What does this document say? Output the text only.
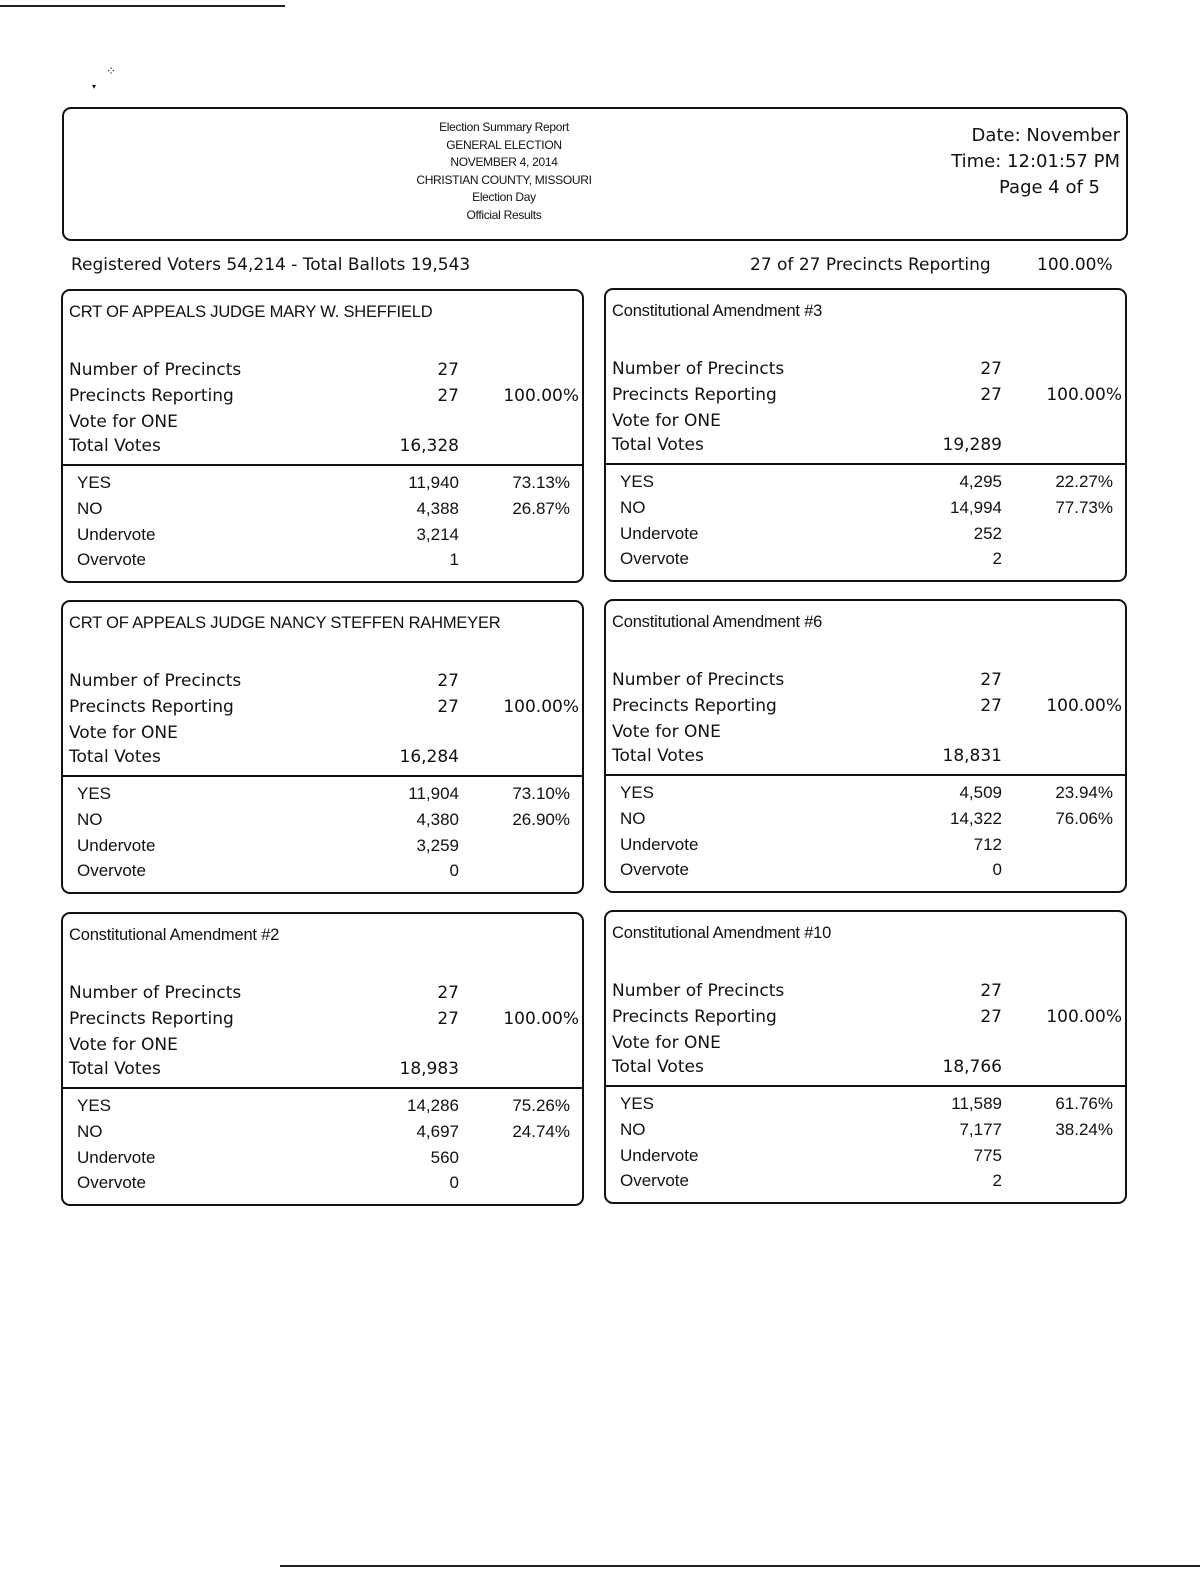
⁘
▾
Election Summary Report
GENERAL ELECTION
NOVEMBER 4, 2014
CHRISTIAN COUNTY, MISSOURI
Election Day
Official Results
Date: November
Time: 12:01:57 PM
Page 4 of 5
Registered Voters 54,214 - Total Ballots 19,543	27 of 27 Precincts Reporting	100.00%
CRT OF APPEALS JUDGE MARY W. SHEFFIELD
Number of Precincts	27
Precincts Reporting	27	100.00%
Vote for ONE
Total Votes	16,328
YES	11,940	73.13%
NO	4,388	26.87%
Undervote	3,214
Overvote	1
Constitutional Amendment #3
Number of Precincts	27
Precincts Reporting	27	100.00%
Vote for ONE
Total Votes	19,289
YES	4,295	22.27%
NO	14,994	77.73%
Undervote	252
Overvote	2
CRT OF APPEALS JUDGE NANCY STEFFEN RAHMEYER
Number of Precincts	27
Precincts Reporting	27	100.00%
Vote for ONE
Total Votes	16,284
YES	11,904	73.10%
NO	4,380	26.90%
Undervote	3,259
Overvote	0
Constitutional Amendment #6
Number of Precincts	27
Precincts Reporting	27	100.00%
Vote for ONE
Total Votes	18,831
YES	4,509	23.94%
NO	14,322	76.06%
Undervote	712
Overvote	0
Constitutional Amendment #2
Number of Precincts	27
Precincts Reporting	27	100.00%
Vote for ONE
Total Votes	18,983
YES	14,286	75.26%
NO	4,697	24.74%
Undervote	560
Overvote	0
Constitutional Amendment #10
Number of Precincts	27
Precincts Reporting	27	100.00%
Vote for ONE
Total Votes	18,766
YES	11,589	61.76%
NO	7,177	38.24%
Undervote	775
Overvote	2
